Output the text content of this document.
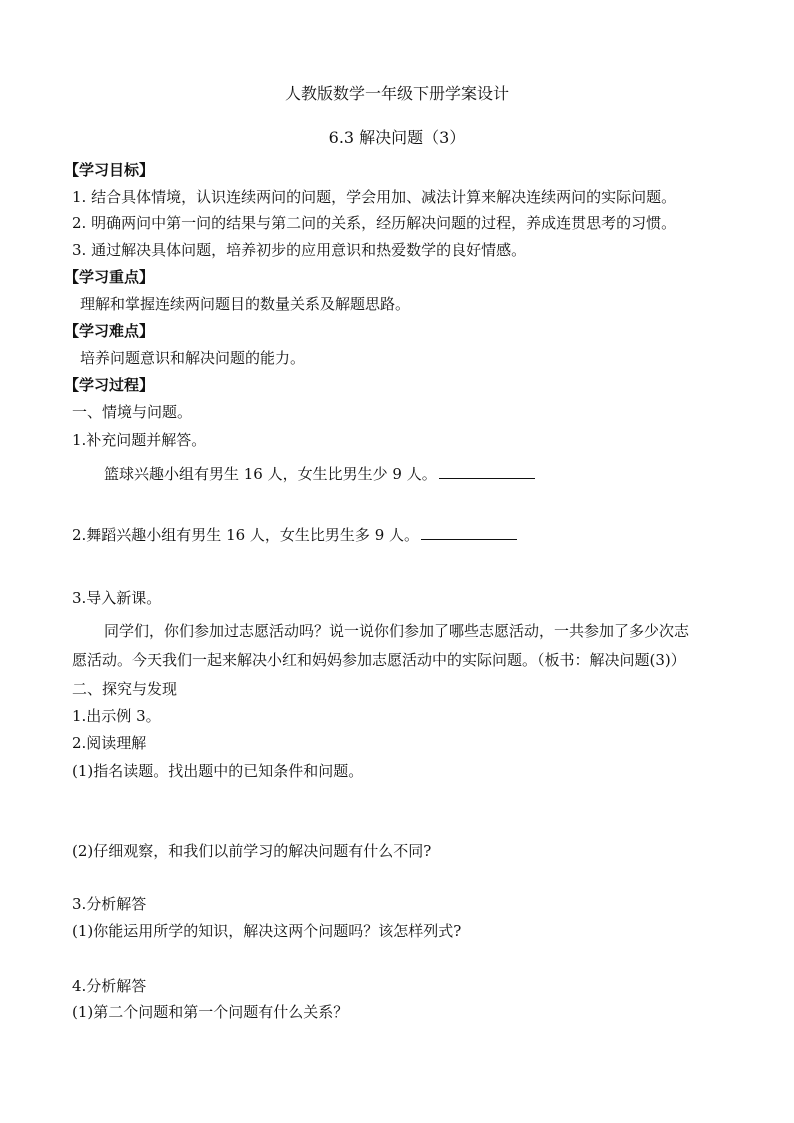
人教版数学一年级下册学案设计
6.3 解决问题（3）
【学习目标】
1. 结合具体情境，认识连续两问的问题，学会用加、减法计算来解决连续两问的实际问题。
2. 明确两问中第一问的结果与第二问的关系，经历解决问题的过程，养成连贯思考的习惯。
3. 通过解决具体问题，培养初步的应用意识和热爱数学的良好情感。
【学习重点】
理解和掌握连续两问题目的数量关系及解题思路。
【学习难点】
培养问题意识和解决问题的能力。
【学习过程】
一、情境与问题。
1.补充问题并解答。
篮球兴趣小组有男生 16 人，女生比男生少 9 人。
2.舞蹈兴趣小组有男生 16 人，女生比男生多 9 人。
3.导入新课。
同学们，你们参加过志愿活动吗？说一说你们参加了哪些志愿活动，一共参加了多少次志
愿活动。今天我们一起来解决小红和妈妈参加志愿活动中的实际问题。（板书：解决问题(3)）
二、探究与发现
1.出示例 3。
2.阅读理解
(1)指名读题。找出题中的已知条件和问题。
(2)仔细观察，和我们以前学习的解决问题有什么不同?
3.分析解答
(1)你能运用所学的知识，解决这两个问题吗？该怎样列式?
4.分析解答
(1)第二个问题和第一个问题有什么关系？
